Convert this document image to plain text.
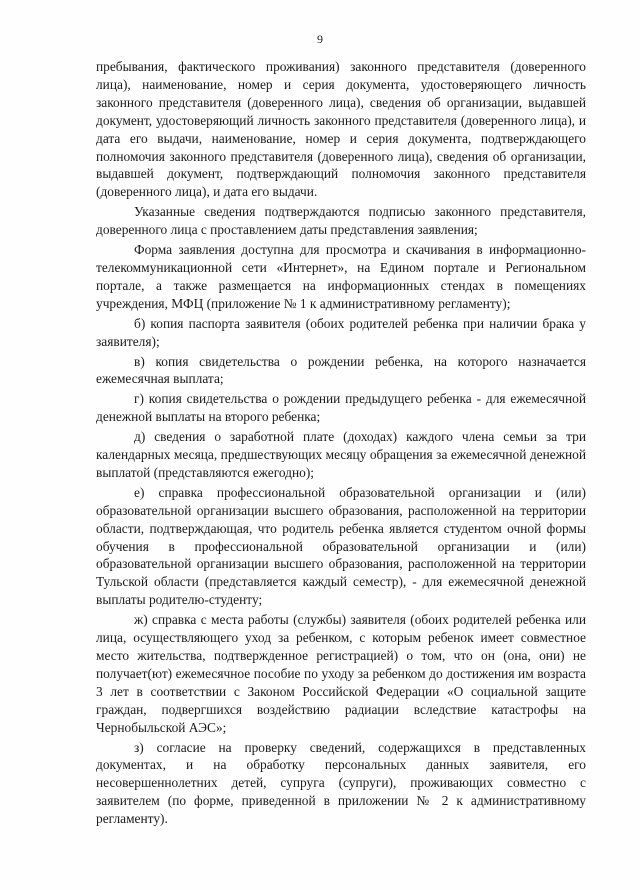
9

пребывания, фактического проживания) законного представителя (доверенного лица), наименование, номер и серия документа, удостоверяющего личность законного представителя (доверенного лица), сведения об организации, выдавшей документ, удостоверяющий личность законного представителя (доверенного лица), и дата его выдачи, наименование, номер и серия документа, подтверждающего полномочия законного представителя (доверенного лица), сведения об организации, выдавшей документ, подтверждающий полномочия законного представителя (доверенного лица), и дата его выдачи.

Указанные сведения подтверждаются подписью законного представителя, доверенного лица с проставлением даты представления заявления;

Форма заявления доступна для просмотра и скачивания в информационно-телекоммуникационной сети «Интернет», на Едином портале и Региональном портале, а также размещается на информационных стендах в помещениях учреждения, МФЦ (приложение № 1 к административному регламенту);

б) копия паспорта заявителя (обоих родителей ребенка при наличии брака у заявителя);

в) копия свидетельства о рождении ребенка, на которого назначается ежемесячная выплата;

г) копия свидетельства о рождении предыдущего ребенка - для ежемесячной денежной выплаты на второго ребенка;

д) сведения о заработной плате (доходах) каждого члена семьи за три календарных месяца, предшествующих месяцу обращения за ежемесячной денежной выплатой (представляются ежегодно);

е) справка профессиональной образовательной организации и (или) образовательной организации высшего образования, расположенной на территории области, подтверждающая, что родитель ребенка является студентом очной формы обучения в профессиональной образовательной организации и (или) образовательной организации высшего образования, расположенной на территории Тульской области (представляется каждый семестр), - для ежемесячной денежной выплаты родителю-студенту;

ж) справка с места работы (службы) заявителя (обоих родителей ребенка или лица, осуществляющего уход за ребенком, с которым ребенок имеет совместное место жительства, подтвержденное регистрацией) о том, что он (она, они) не получает(ют) ежемесячное пособие по уходу за ребенком до достижения им возраста 3 лет в соответствии с Законом Российской Федерации «О социальной защите граждан, подвергшихся воздействию радиации вследствие катастрофы на Чернобыльской АЭС»;

з) согласие на проверку сведений, содержащихся в представленных документах, и на обработку персональных данных заявителя, его несовершеннолетних детей, супруга (супруги), проживающих совместно с заявителем (по форме, приведенной в приложении № 2 к административному регламенту).
